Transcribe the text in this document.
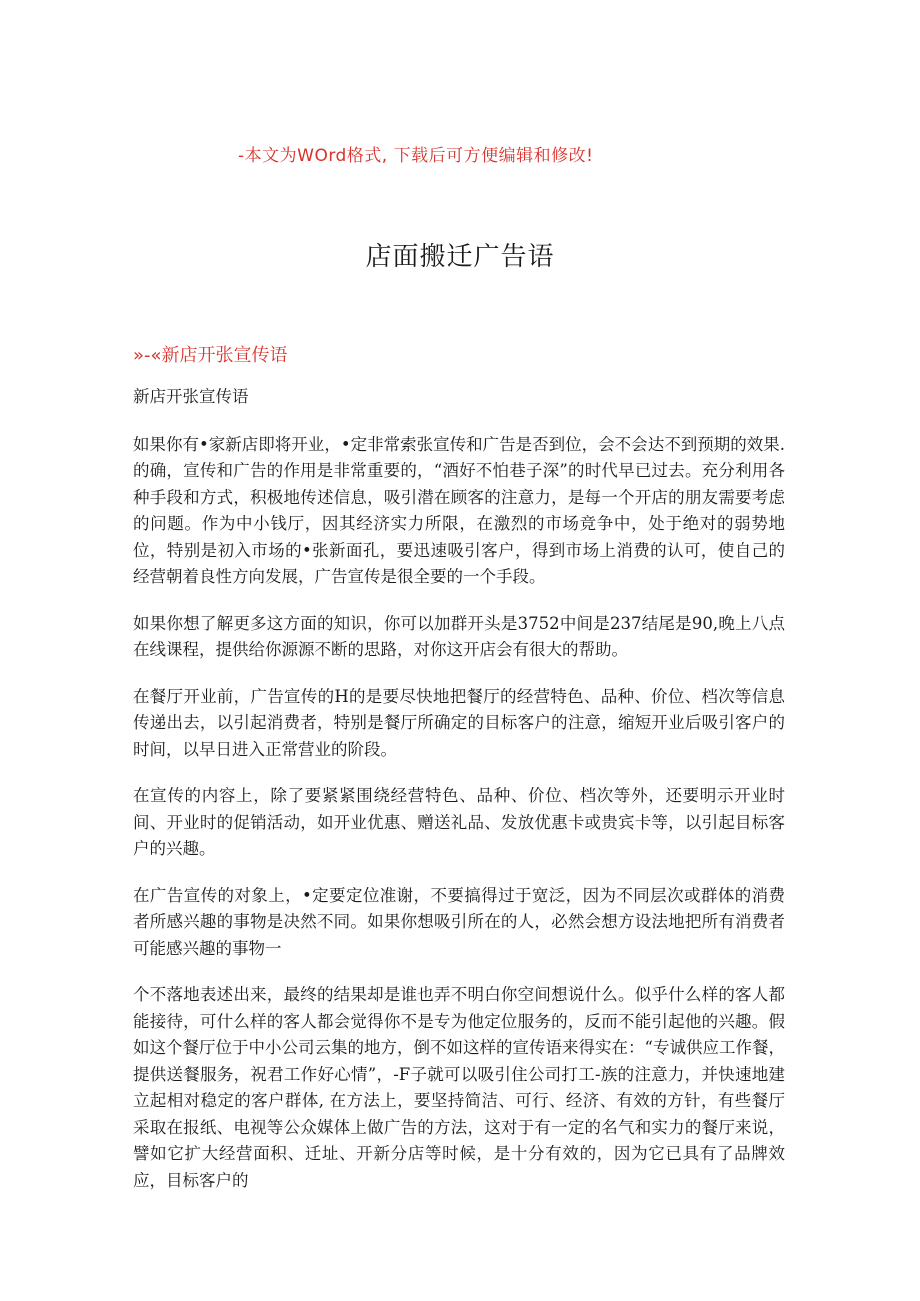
-本文为WOrd格式, 下载后可方便编辑和修改!
店面搬迁广告语
»-«新店开张宣传语

新店开张宣传语

如果你有•家新店即将开业，•定非常索张宣传和广告是否到位，会不会达不到预期的效果. 的确，宣传和广告的作用是非常重要的，“酒好不怕巷子深”的时代早已过去。充分利用各种手段和方式，积极地传述信息，吸引潜在顾客的注意力，是每一个开店的朋友需要考虑的问题。作为中小钱厅，因其经济实力所限，在激烈的市场竞争中，处于绝对的弱势地位，特别是初入市场的•张新面孔，要迅速吸引客户，得到市场上消费的认可，使自己的经营朝着良性方向发展，广告宣传是很全要的一个手段。

如果你想了解更多这方面的知识，你可以加群开头是3752中间是237结尾是90,晚上八点在线课程，提供给你源源不断的思路，对你这开店会有很大的帮助。

在餐厅开业前，广告宣传的H的是要尽快地把餐厅的经营特色、品种、价位、档次等信息传递出去，以引起消费者，特别是餐厅所确定的目标客户的注意，缩短开业后吸引客户的时间，以早日进入正常营业的阶段。

在宣传的内容上，除了要紧紧围绕经营特色、品种、价位、档次等外，还要明示开业时间、开业时的促销活动，如开业优惠、赠送礼品、发放优惠卡或贵宾卡等，以引起目标客户的兴趣。

在广告宣传的对象上，•定要定位准谢，不要搞得过于宽泛，因为不同层次或群体的消费者所感兴趣的事物是决然不同。如果你想吸引所在的人，必然会想方设法地把所有消费者可能感兴趣的事物一

个不落地表述出来，最终的结果却是谁也弄不明白你空间想说什么。似乎什么样的客人都能接待，可什么样的客人都会觉得你不是专为他定位服务的，反而不能引起他的兴趣。假如这个餐厅位于中小公司云集的地方，倒不如这样的宣传语来得实在：“专诚供应工作餐，提供送餐服务，祝君工作好心情”，-F子就可以吸引住公司打工-族的注意力，并快速地建立起相对稳定的客户群体, 在方法上，要坚持简洁、可行、经济、有效的方针，有些餐厅采取在报纸、电视等公众媒体上做广告的方法，这对于有一定的名气和实力的餐厅来说，譬如它扩大经营面积、迁址、开新分店等时候，是十分有效的，因为它已具有了品牌效应，目标客户的
